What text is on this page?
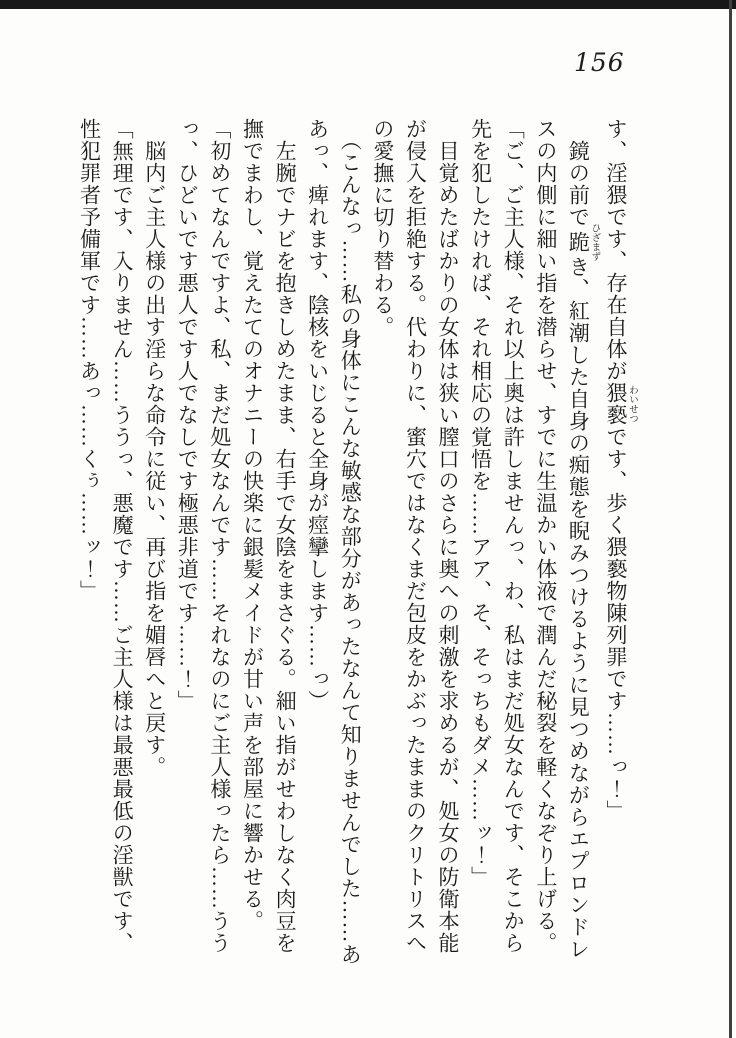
156

す、淫猥です、存在自体が猥褻 わいせつです、歩く猥褻物陳列罪です……っ！」

　鏡の前で跪 ひざまずき、紅潮した自身の痴態を睨みつけるように見つめながらエプロンドレ

スの内側に細い指を潜らせ、すでに生温かい体液で潤んだ秘裂を軽くなぞり上げる。

「ご、ご主人様、それ以上奥は許しませんっ、わ、私はまだ処女なんです、そこから

先を犯したければ、それ相応の覚悟を……アア、そ、そっちもダメ……ッ！」

　目覚めたばかりの女体は狭い膣口のさらに奥への刺激を求めるが、処女の防衛本能

が侵入を拒絶する。代わりに、蜜穴ではなくまだ包皮をかぶったままのクリトリスへ

の愛撫に切り替わる。

　（こんなっ……私の身体にこんな敏感な部分があったなんて知りませんでした……あ

あっ、痺れます、陰核をいじると全身が痙攣します……っ）

　左腕でナビを抱きしめたまま、右手で女陰をまさぐる。細い指がせわしなく肉豆を

撫でまわし、覚えたてのオナニーの快楽に銀髪メイドが甘い声を部屋に響かせる。

「初めてなんですよ、私、まだ処女なんです……それなのにご主人様ったら……うう

っ、ひどいです悪人です人でなしです極悪非道です……！」

　脳内ご主人様の出す淫らな命令に従い、再び指を媚唇へと戻す。

「無理です、入りません……ううっ、悪魔です……ご主人様は最悪最低の淫獣です、

性犯罪者予備軍です……あっ……くぅ……ッ！」
